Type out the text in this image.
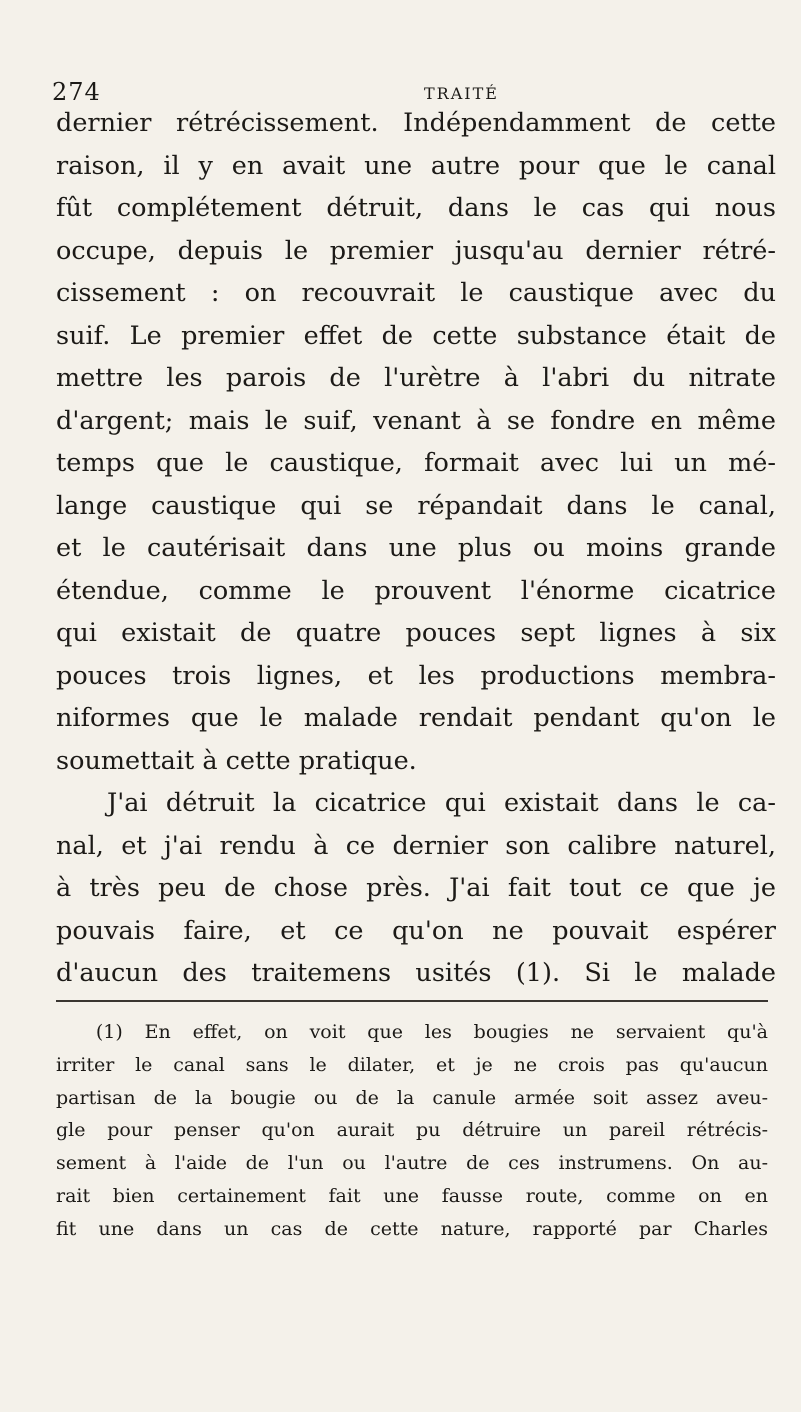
274	TRAITÉ
dernier rétrécissement. Indépendamment de cette
raison, il y en avait une autre pour que le canal
fût complétement détruit, dans le cas qui nous
occupe, depuis le premier jusqu'au dernier rétré-
cissement : on recouvrait le caustique avec du
suif. Le premier effet de cette substance était de
mettre les parois de l'urètre à l'abri du nitrate
d'argent; mais le suif, venant à se fondre en même
temps que le caustique, formait avec lui un mé-
lange caustique qui se répandait dans le canal,
et le cautérisait dans une plus ou moins grande
étendue, comme le prouvent l'énorme cicatrice
qui existait de quatre pouces sept lignes à six
pouces trois lignes, et les productions membra-
niformes que le malade rendait pendant qu'on le
soumettait à cette pratique.
J'ai détruit la cicatrice qui existait dans le ca-
nal, et j'ai rendu à ce dernier son calibre naturel,
à très peu de chose près. J'ai fait tout ce que je
pouvais faire, et ce qu'on ne pouvait espérer
d'aucun des traitemens usités (1). Si le malade
(1) En effet, on voit que les bougies ne servaient qu'à
irriter le canal sans le dilater, et je ne crois pas qu'aucun
partisan de la bougie ou de la canule armée soit assez aveu-
gle pour penser qu'on aurait pu détruire un pareil rétrécis-
sement à l'aide de l'un ou l'autre de ces instrumens. On au-
rait bien certainement fait une fausse route, comme on en
fit une dans un cas de cette nature, rapporté par Charles
